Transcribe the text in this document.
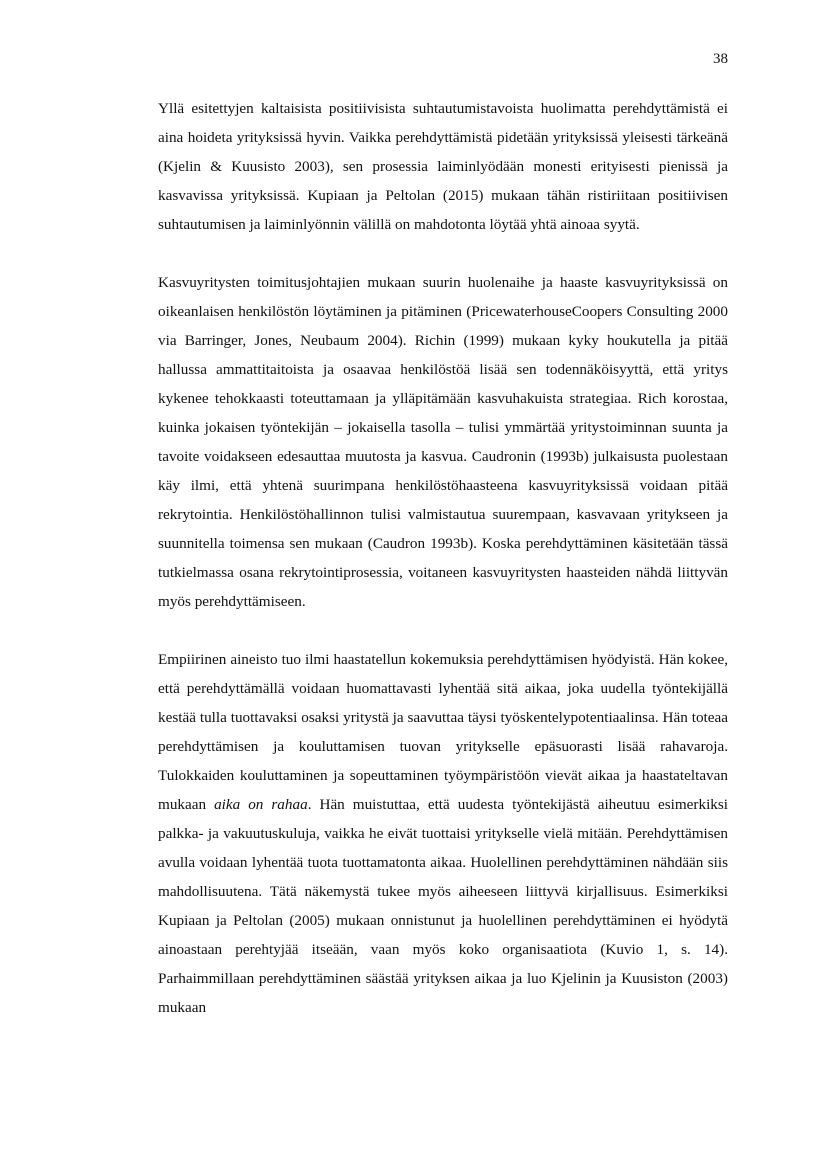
38

Yllä esitettyjen kaltaisista positiivisista suhtautumistavoista huolimatta perehdyttämistä ei aina hoideta yrityksissä hyvin. Vaikka perehdyttämistä pidetään yrityksissä yleisesti tärkeänä (Kjelin & Kuusisto 2003), sen prosessia laiminlyödään monesti erityisesti pienissä ja kasvavissa yrityksissä. Kupiaan ja Peltolan (2015) mukaan tähän ristiriitaan positiivisen suhtautumisen ja laiminlyönnin välillä on mahdotonta löytää yhtä ainoaa syytä.

Kasvuyritysten toimitusjohtajien mukaan suurin huolenaihe ja haaste kasvuyrityksissä on oikeanlaisen henkilöstön löytäminen ja pitäminen (PricewaterhouseCoopers Consulting 2000 via Barringer, Jones, Neubaum 2004). Richin (1999) mukaan kyky houkutella ja pitää hallussa ammattitaitoista ja osaavaa henkilöstöä lisää sen todennäköisyyttä, että yritys kykenee tehokkaasti toteuttamaan ja ylläpitämään kasvuhakuista strategiaa. Rich korostaa, kuinka jokaisen työntekijän – jokaisella tasolla – tulisi ymmärtää yritystoiminnan suunta ja tavoite voidakseen edesauttaa muutosta ja kasvua. Caudronin (1993b) julkaisusta puolestaan käy ilmi, että yhtenä suurimpana henkilöstöhaasteena kasvuyrityksissä voidaan pitää rekrytointia. Henkilöstöhallinnon tulisi valmistautua suurempaan, kasvavaan yritykseen ja suunnitella toimensa sen mukaan (Caudron 1993b). Koska perehdyttäminen käsitetään tässä tutkielmassa osana rekrytointiprosessia, voitaneen kasvuyritysten haasteiden nähdä liittyvän myös perehdyttämiseen.

Empiirinen aineisto tuo ilmi haastatellun kokemuksia perehdyttämisen hyödyistä. Hän kokee, että perehdyttämällä voidaan huomattavasti lyhentää sitä aikaa, joka uudella työntekijällä kestää tulla tuottavaksi osaksi yritystä ja saavuttaa täysi työskentelypotentiaalinsa. Hän toteaa perehdyttämisen ja kouluttamisen tuovan yritykselle epäsuorasti lisää rahavaroja. Tulokkaiden kouluttaminen ja sopeuttaminen työympäristöön vievät aikaa ja haastateltavan mukaan aika on rahaa. Hän muistuttaa, että uudesta työntekijästä aiheutuu esimerkiksi palkka- ja vakuutuskuluja, vaikka he eivät tuottaisi yritykselle vielä mitään. Perehdyttämisen avulla voidaan lyhentää tuota tuottamatonta aikaa. Huolellinen perehdyttäminen nähdään siis mahdollisuutena. Tätä näkemystä tukee myös aiheeseen liittyvä kirjallisuus. Esimerkiksi Kupiaan ja Peltolan (2005) mukaan onnistunut ja huolellinen perehdyttäminen ei hyödytä ainoastaan perehtyjää itseään, vaan myös koko organisaatiota (Kuvio 1, s. 14). Parhaimmillaan perehdyttäminen säästää yrityksen aikaa ja luo Kjelinin ja Kuusiston (2003) mukaan
